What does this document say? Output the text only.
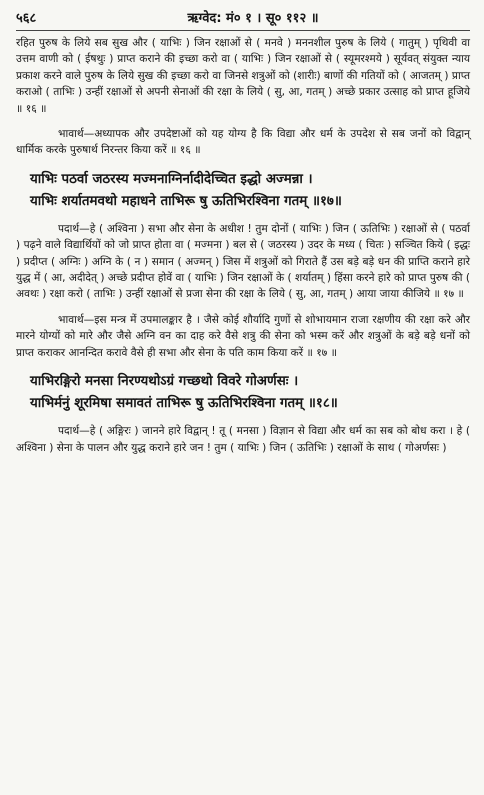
५६८	ऋग्वेद: मं० १ । सू० ११२ ॥

रहित पुरुष के लिये सब सुख और ( याभिः ) जिन रक्षाओं से ( मनवे ) मननशील पुरुष के लिये ( गातुम् ) पृथिवी वा उत्तम वाणी को ( ईषथुः ) प्राप्त कराने की इच्छा करो वा ( याभिः ) जिन रक्षाओं से ( स्यूमरश्मये ) सूर्यवत् संयुक्त न्याय प्रकाश करने वाले पुरुष के लिये सुख की इच्छा करो वा जिनसे शत्रुओं को (शारीः) बाणों की गतियों को ( आजतम् ) प्राप्त कराओ ( ताभिः ) उन्हीं रक्षाओं से अपनी सेनाओं की रक्षा के लिये ( सु, आ, गतम् ) अच्छे प्रकार उत्साह को प्राप्त हूजिये ॥ १६ ॥

भावार्थ—अध्यापक और उपदेष्टाओं को यह योग्य है कि विद्या और धर्म के उपदेश से सब जनों को विद्वान् धार्मिक करके पुरुषार्थ निरन्तर किया करें ॥ १६ ॥

याभिः पठर्वा जठरस्य मज्मनाग्निर्नादीदेच्चित इद्धो अज्मन्ना ।

याभिः शर्यातमवथो महाधने ताभिरू षु ऊतिभिरश्विना गतम् ॥१७॥

पदार्थ—हे ( अश्विना ) सभा और सेना के अधीश ! तुम दोनों ( याभिः ) जिन ( ऊतिभिः ) रक्षाओं से ( पठर्वा ) पढ़ने वाले विद्यार्थियों को जो प्राप्त होता वा ( मज्मना ) बल से ( जठरस्य ) उदर के मध्य ( चितः ) सञ्चित किये ( इद्धः ) प्रदीप्त ( अग्निः ) अग्नि के ( न ) समान ( अज्मन् ) जिस में शत्रुओं को गिराते हैं उस बड़े बड़े धन की प्राप्ति कराने हारे युद्ध में ( आ, अदीदेत् ) अच्छे प्रदीप्त होवें वा ( याभिः ) जिन रक्षाओं के ( शर्यातम् ) हिंसा करने हारे को प्राप्त पुरुष की ( अवथः ) रक्षा करो ( ताभिः ) उन्हीं रक्षाओं से प्रजा सेना की रक्षा के लिये ( सु, आ, गतम् ) आया जाया कीजिये ॥ १७ ॥

भावार्थ—इस मन्त्र में उपमालङ्कार है । जैसे कोई शौर्यादि गुणों से शोभायमान राजा रक्षणीय की रक्षा करे और मारने योग्यों को मारे और जैसे अग्नि वन का दाह करे वैसे शत्रु की सेना को भस्म करें और शत्रुओं के बड़े बड़े धनों को प्राप्त कराकर आनन्दित करावे वैसे ही सभा और सेना के पति काम किया करें ॥ १७ ॥

याभिरङ्गिरो मनसा निरण्यथोऽग्रं गच्छथो विवरे गोअर्णसः ।

याभिर्मनुं शूरमिषा समावतं ताभिरू षु ऊतिभिरश्विना गतम् ॥१८॥

पदार्थ—हे ( अङ्गिरः ) जानने हारे विद्वान् ! तू ( मनसा ) विज्ञान से विद्या और धर्म का सब को बोध करा । हे ( अश्विना ) सेना के पालन और युद्ध कराने हारे जन ! तुम ( याभिः ) जिन ( ऊतिभिः ) रक्षाओं के साथ ( गोअर्णसः )
